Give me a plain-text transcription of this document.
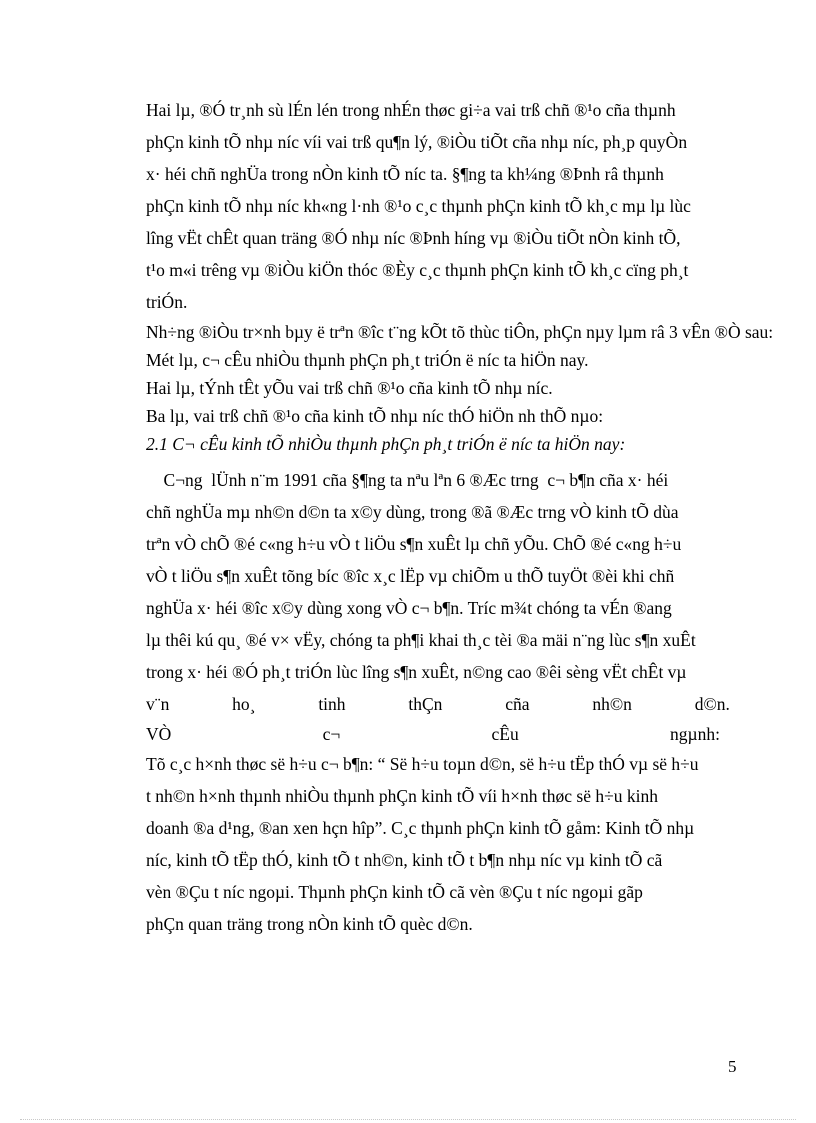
Hai lµ, ®Ó tr¸nh sù lÉn lén trong nhÉn thøc gi÷a vai trß chñ ®¹o cña thµnh
phÇn kinh tÕ nhµ níc víi vai trß qu¶n lý, ®iÒu tiÕt cña nhµ níc, ph¸p quyÒn
x· héi chñ nghÜa trong nÒn kinh tÕ níc ta. §¶ng ta kh¼ng ®Þnh râ thµnh
phÇn kinh tÕ nhµ níc kh«ng l·nh ®¹o c¸c thµnh phÇn kinh tÕ kh¸c mµ lµ lùc
lîng vËt chÊt quan träng ®Ó nhµ níc ®Þnh híng vµ ®iÒu tiÕt nÒn kinh tÕ,
t¹o m«i trêng vµ ®iÒu kiÖn thóc ®Èy c¸c thµnh phÇn kinh tÕ kh¸c cïng ph¸t
triÓn.
Nh÷ng ®iÒu tr×nh bµy ë trªn ®îc t¨ng kÕt tõ thùc tiÔn, phÇn nµy lµm râ 3 vÊn ®Ò sau:
Mét lµ, c¬ cÊu nhiÒu thµnh phÇn ph¸t triÓn ë níc ta hiÖn nay.
Hai lµ, tÝnh tÊt yÕu vai trß chñ ®¹o cña kinh tÕ nhµ níc.
Ba lµ, vai trß chñ ®¹o cña kinh tÕ nhµ níc thÓ hiÖn nh thÕ nµo:
2.1 C¬ cÊu kinh tÕ nhiÒu thµnh phÇn ph¸t triÓn ë níc ta hiÖn nay:
C¬ng  lÜnh n¨m 1991 cña §¶ng ta nªu lªn 6 ®Æc trng  c¬ b¶n cña x· héi
chñ nghÜa mµ nh©n d©n ta x©y dùng, trong ®ã ®Æc trng vÒ kinh tÕ dùa
trªn vÒ chÕ ®é c«ng h÷u vÒ t liÖu s¶n xuÊt lµ chñ yÕu. ChÕ ®é c«ng h÷u
vÒ t liÖu s¶n xuÊt tõng bíc ®îc x¸c lËp vµ chiÕm u thÕ tuyÖt ®èi khi chñ
nghÜa x· héi ®îc x©y dùng xong vÒ c¬ b¶n. Tríc m¾t chóng ta vÉn ®ang
lµ thêi kú qu¸ ®é v× vËy, chóng ta ph¶i khai th¸c tèi ®a mäi n¨ng lùc s¶n xuÊt
trong x· héi ®Ó ph¸t triÓn lùc lîng s¶n xuÊt, n©ng cao ®êi sèng vËt chÊt vµ
v¨n	ho¸	tinh	thÇn	cña	nh©n	d©n.
VÒ	c¬	cÊu	ngµnh:
Tõ c¸c h×nh thøc së h÷u c¬ b¶n: “ Së h÷u toµn d©n, së h÷u tËp thÓ vµ së h÷u
t nh©n h×nh thµnh nhiÒu thµnh phÇn kinh tÕ víi h×nh thøc së h÷u kinh
doanh ®a d¹ng, ®an xen hçn hîp”. C¸c thµnh phÇn kinh tÕ gåm: Kinh tÕ nhµ
níc, kinh tÕ tËp thÓ, kinh tÕ t nh©n, kinh tÕ t b¶n nhµ níc vµ kinh tÕ cã
vèn ®Çu t níc ngoµi. Thµnh phÇn kinh tÕ cã vèn ®Çu t níc ngoµi gãp
phÇn quan träng trong nÒn kinh tÕ quèc d©n.
5
